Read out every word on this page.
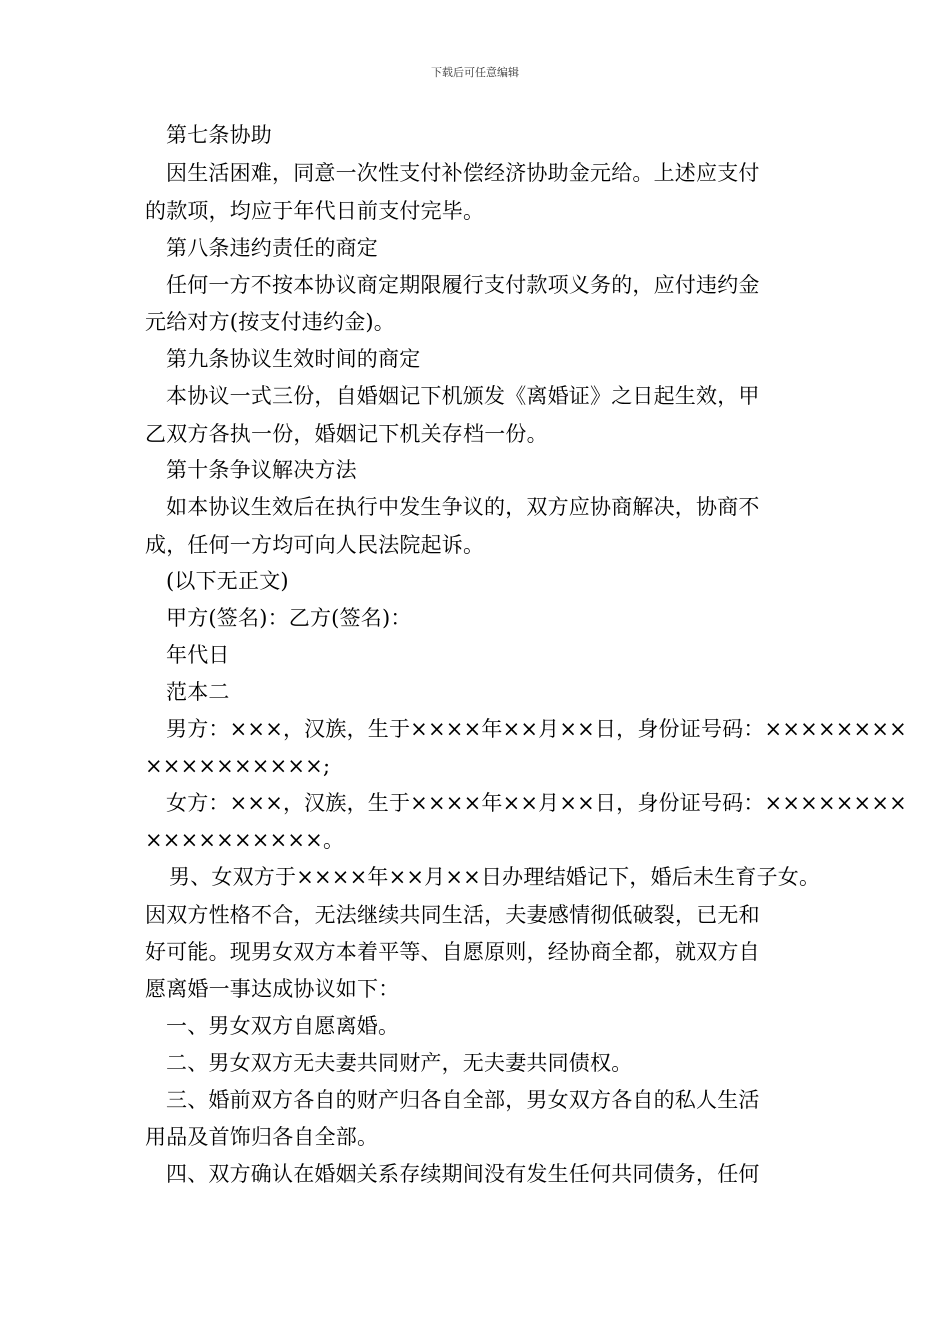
下载后可任意编辑
第七条协助
因生活困难，同意一次性支付补偿经济协助金元给。上述应支付
的款项，均应于年代日前支付完毕。
第八条违约责任的商定
任何一方不按本协议商定期限履行支付款项义务的，应付违约金
元给对方(按支付违约金)。
第九条协议生效时间的商定
本协议一式三份，自婚姻记下机颁发《离婚证》之日起生效，甲
乙双方各执一份，婚姻记下机关存档一份。
第十条争议解决方法
如本协议生效后在执行中发生争议的，双方应协商解决，协商不
成，任何一方均可向人民法院起诉。
(以下无正文)
甲方(签名)：乙方(签名)：
年代日
范本二
男方：×××，汉族，生于××××年××月××日，身份证号码：××××××××
××××××××××;
女方：×××，汉族，生于××××年××月××日，身份证号码：××××××××
××××××××××。
男、女双方于××××年××月××日办理结婚记下，婚后未生育子女。
因双方性格不合，无法继续共同生活，夫妻感情彻低破裂，已无和
好可能。现男女双方本着平等、自愿原则，经协商全都，就双方自
愿离婚一事达成协议如下：
一、男女双方自愿离婚。
二、男女双方无夫妻共同财产，无夫妻共同债权。
三、婚前双方各自的财产归各自全部，男女双方各自的私人生活
用品及首饰归各自全部。
四、双方确认在婚姻关系存续期间没有发生任何共同债务，任何
